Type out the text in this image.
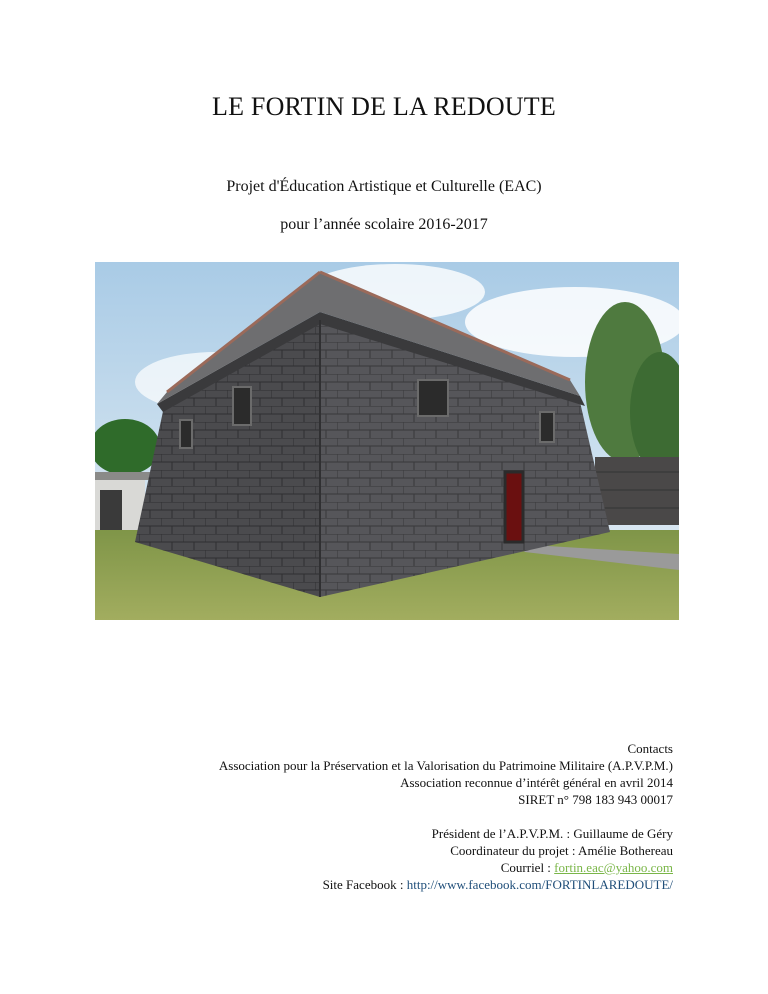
LE FORTIN DE LA REDOUTE
Projet d'Éducation Artistique et Culturelle (EAC)
pour l’année scolaire 2016-2017
Contacts
Association pour la Préservation et la Valorisation du Patrimoine Militaire (A.P.V.P.M.)
Association reconnue d’intérêt général en avril 2014
SIRET n° 798 183 943 00017
Président de l’A.P.V.P.M. : Guillaume de Géry
Coordinateur du projet : Amélie Bothereau
Courriel : fortin.eac@yahoo.com
Site Facebook : http://www.facebook.com/FORTINLAREDOUTE/
